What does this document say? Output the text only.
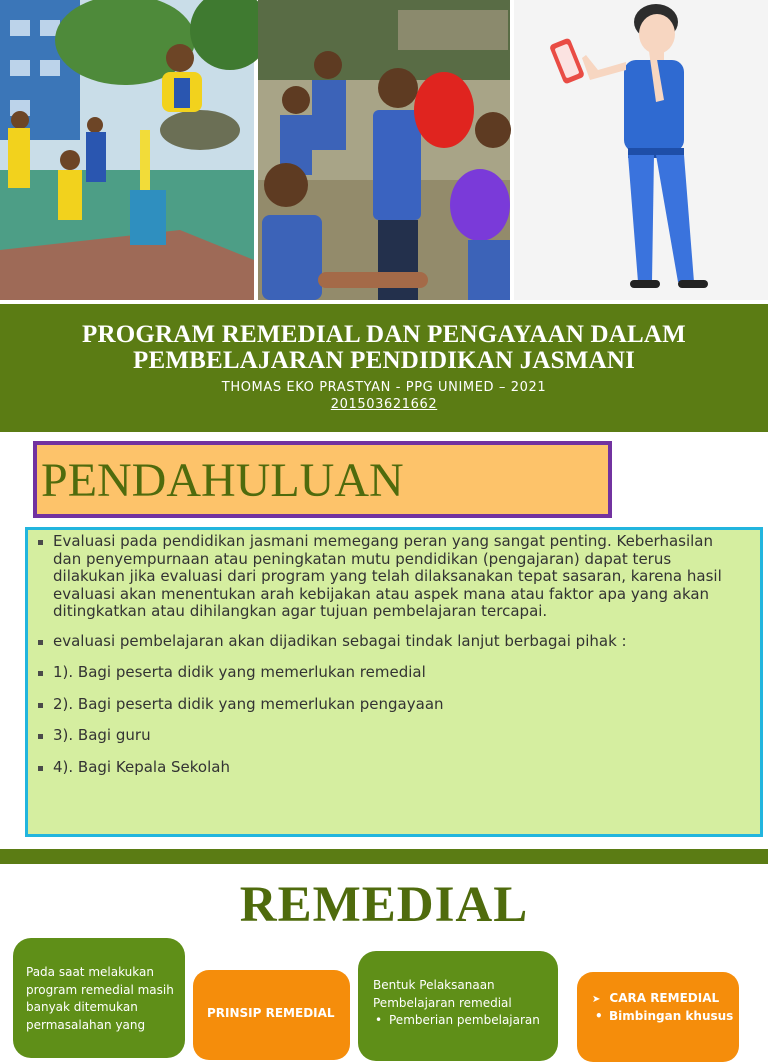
PROGRAM REMEDIAL DAN PENGAYAAN DALAM PEMBELAJARAN PENDIDIKAN JASMANI
THOMAS EKO PRASTYAN - PPG UNIMED – 2021
201503621662
PENDAHULUAN
Evaluasi pada pendidikan jasmani memegang peran yang sangat penting. Keberhasilan dan penyempurnaan atau peningkatan mutu pendidikan (pengajaran) dapat terus dilakukan jika evaluasi dari program yang telah dilaksanakan tepat sasaran, karena hasil evaluasi akan menentukan arah kebijakan atau aspek mana atau faktor apa yang akan ditingkatkan atau dihilangkan agar tujuan pembelajaran tercapai.
evaluasi pembelajaran akan dijadikan sebagai tindak lanjut berbagai pihak :
1). Bagi peserta didik yang memerlukan remedial
2). Bagi peserta didik yang memerlukan pengayaan
3). Bagi guru
4). Bagi Kepala Sekolah
REMEDIAL
Pada saat melakukan program remedial masih banyak ditemukan permasalahan yang
PRINSIP REMEDIAL
Bentuk Pelaksanaan Pembelajaran remedial
• Pemberian pembelajaran
➤ CARA REMEDIAL
• Bimbingan khusus
